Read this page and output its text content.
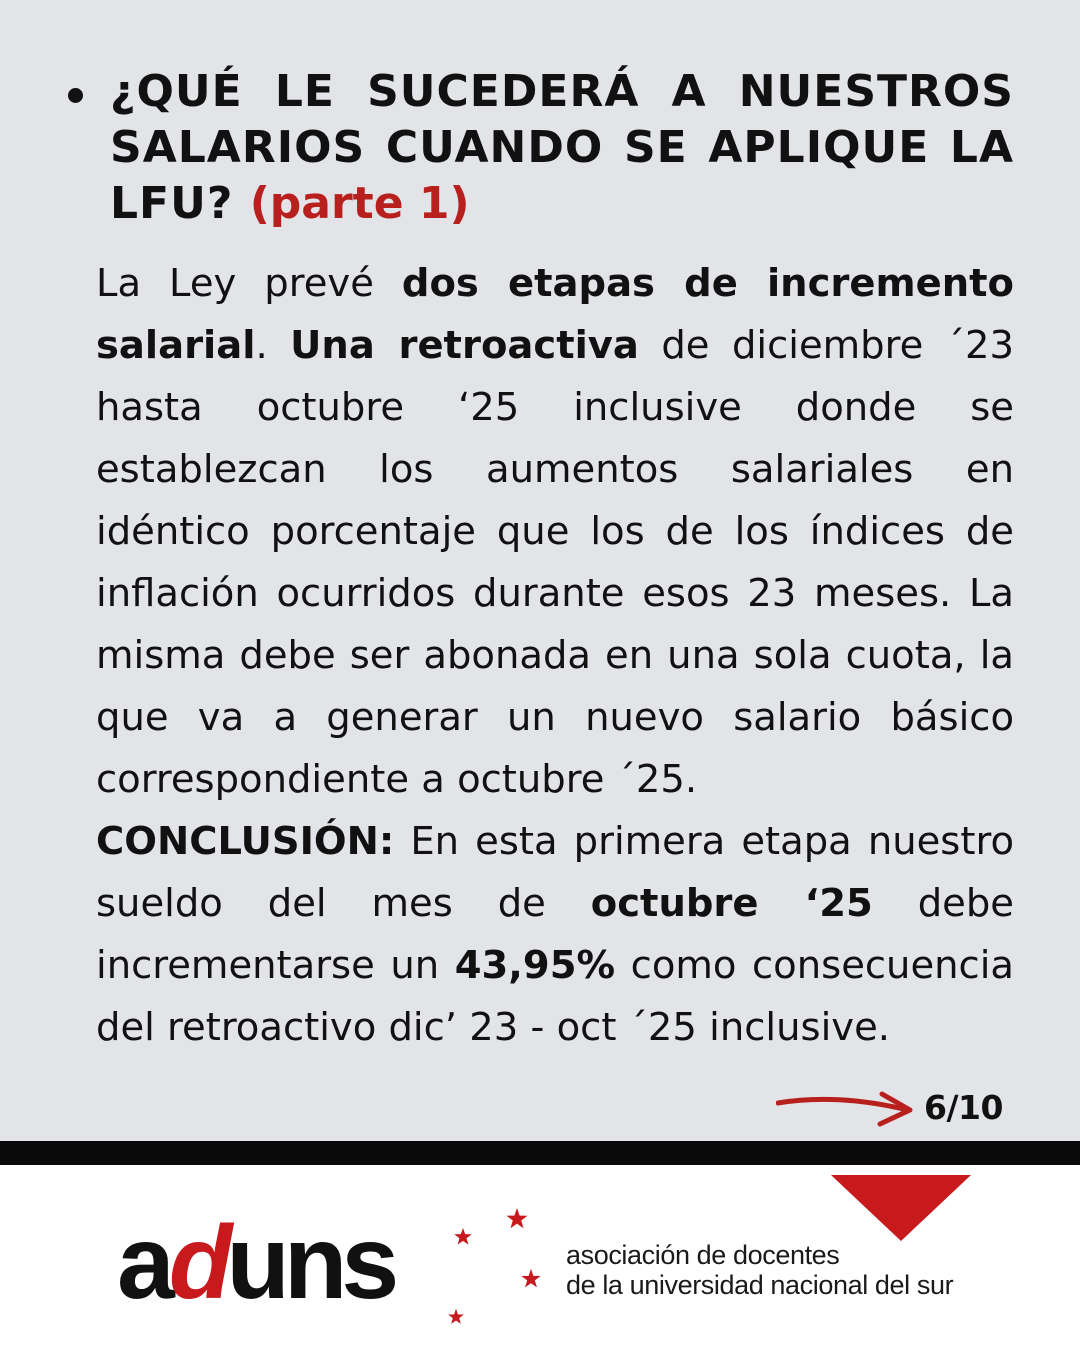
¿QUÉ LE SUCEDERÁ A NUESTROS SALARIOS CUANDO SE APLIQUE LA LFU? (parte 1)

La Ley prevé dos etapas de incremento salarial. Una retroactiva de diciembre ´23 hasta octubre ‘25 inclusive donde se establezcan los aumentos salariales en idéntico porcentaje que los de los índices de inflación ocurridos durante esos 23 meses. La misma debe ser abonada en una sola cuota, la que va a generar un nuevo salario básico correspondiente a octubre ´25.

CONCLUSIÓN: En esta primera etapa nuestro sueldo del mes de octubre ‘25 debe incrementarse un 43,95% como consecuencia del retroactivo dic’ 23 - oct ´25 inclusive.

6/10
aduns	asociación de docentes
de la universidad nacional del sur
